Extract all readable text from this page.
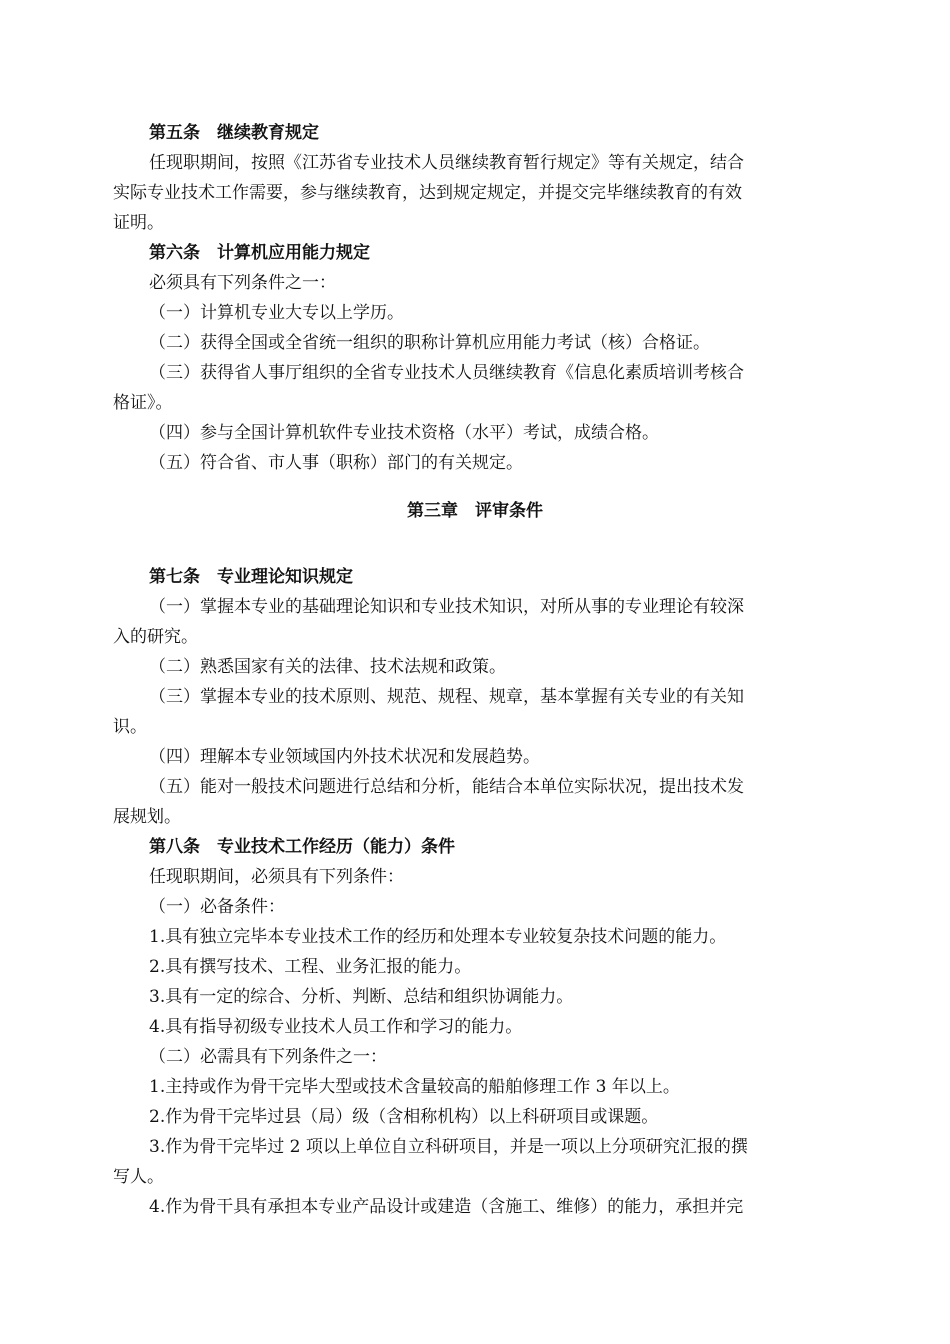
第五条　继续教育规定
任现职期间，按照《江苏省专业技术人员继续教育暂行规定》等有关规定，结合
实际专业技术工作需要，参与继续教育，达到规定规定，并提交完毕继续教育的有效
证明。
第六条　计算机应用能力规定
必须具有下列条件之一：
（一）计算机专业大专以上学历。
（二）获得全国或全省统一组织的职称计算机应用能力考试（核）合格证。
（三）获得省人事厅组织的全省专业技术人员继续教育《信息化素质培训考核合
格证》。
（四）参与全国计算机软件专业技术资格（水平）考试，成绩合格。
（五）符合省、市人事（职称）部门的有关规定。
第三章　评审条件
第七条　专业理论知识规定
（一）掌握本专业的基础理论知识和专业技术知识，对所从事的专业理论有较深
入的研究。
（二）熟悉国家有关的法律、技术法规和政策。
（三）掌握本专业的技术原则、规范、规程、规章，基本掌握有关专业的有关知
识。
（四）理解本专业领域国内外技术状况和发展趋势。
（五）能对一般技术问题进行总结和分析，能结合本单位实际状况，提出技术发
展规划。
第八条　专业技术工作经历（能力）条件
任现职期间，必须具有下列条件：
（一）必备条件：
1.具有独立完毕本专业技术工作的经历和处理本专业较复杂技术问题的能力。
2.具有撰写技术、工程、业务汇报的能力。
3.具有一定的综合、分析、判断、总结和组织协调能力。
4.具有指导初级专业技术人员工作和学习的能力。
（二）必需具有下列条件之一：
1.主持或作为骨干完毕大型或技术含量较高的船舶修理工作 3 年以上。
2.作为骨干完毕过县（局）级（含相称机构）以上科研项目或课题。
3.作为骨干完毕过 2 项以上单位自立科研项目，并是一项以上分项研究汇报的撰
写人。
4.作为骨干具有承担本专业产品设计或建造（含施工、维修）的能力，承担并完
